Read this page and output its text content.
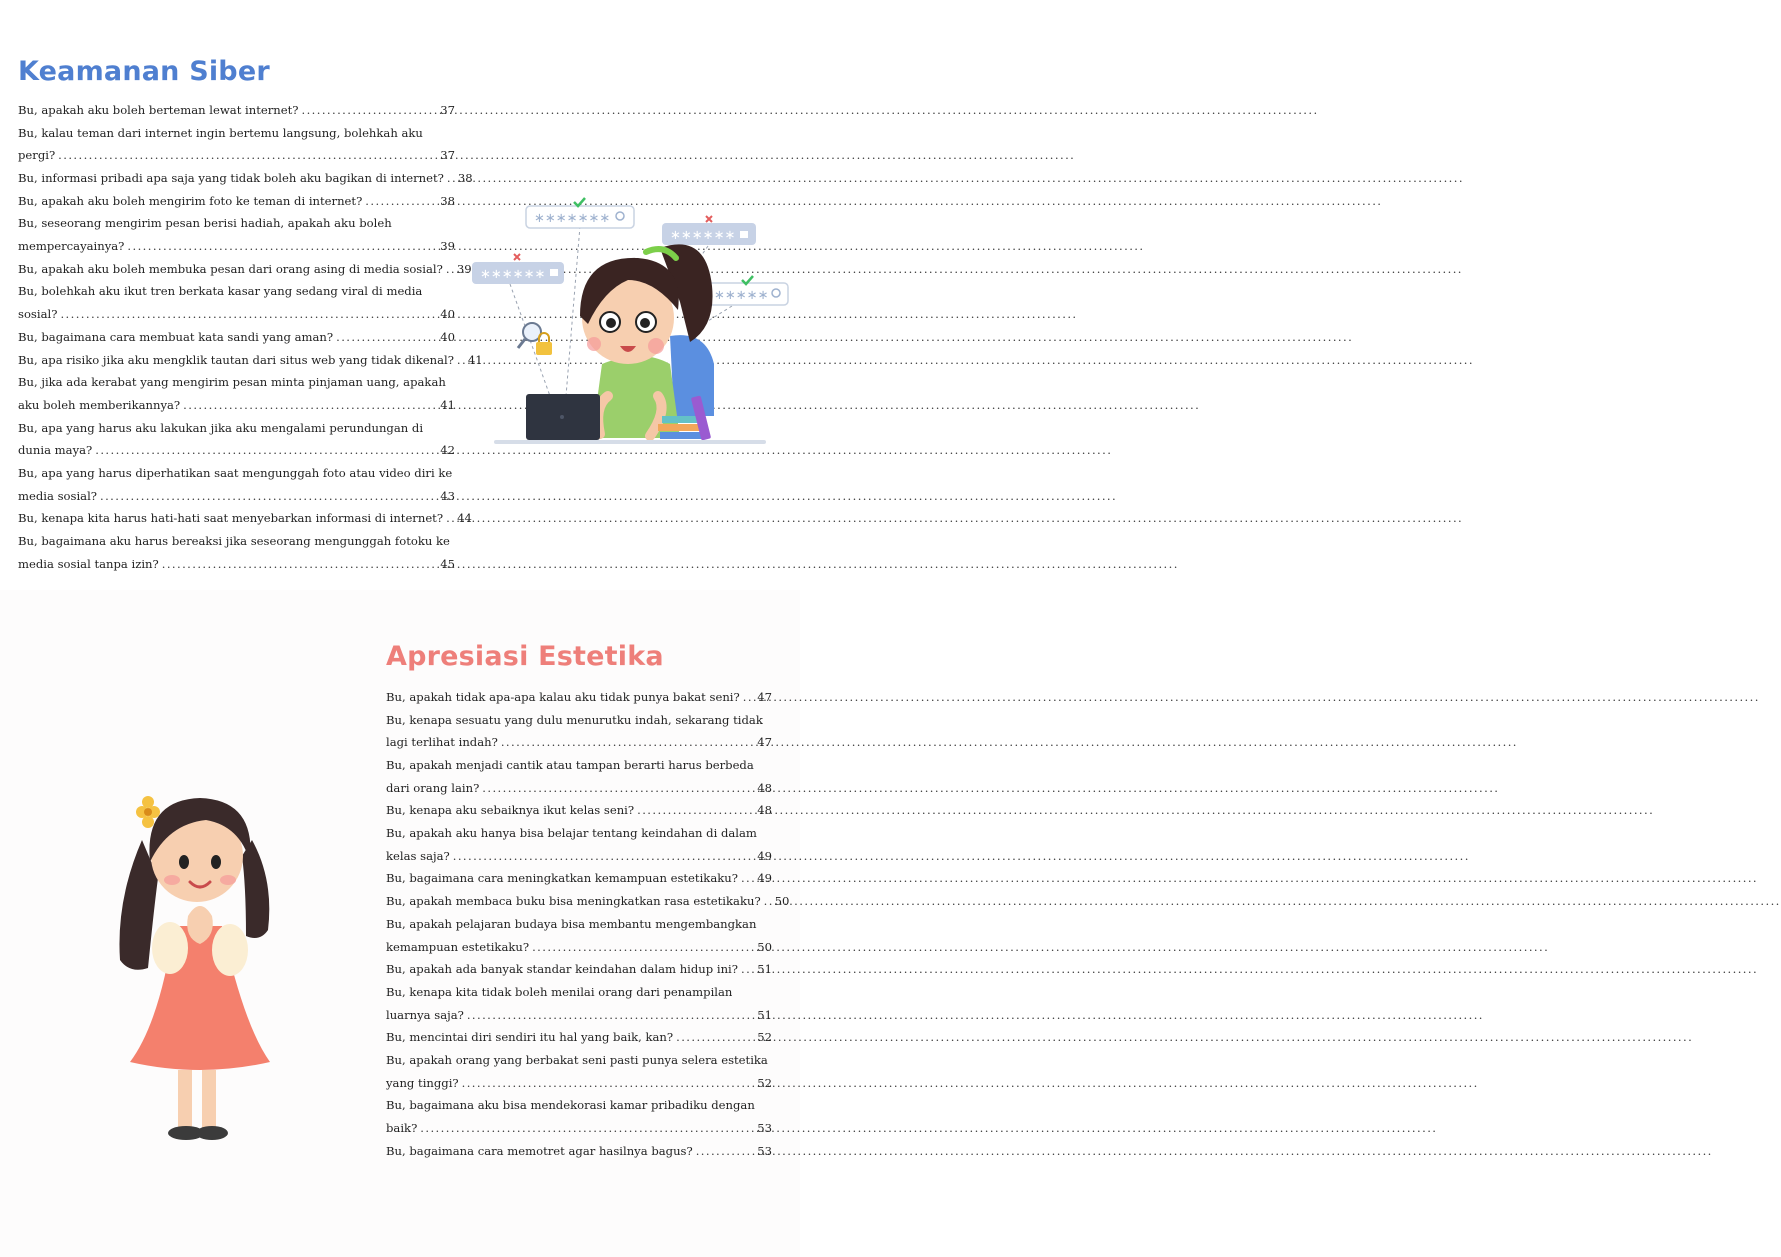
Keamanan Siber
Bu, apakah aku boleh berteman lewat internet? .....	37
Bu, kalau teman dari internet ingin bertemu langsung, bolehkah aku
pergi? .....	37
Bu, informasi pribadi apa saja yang tidak boleh aku bagikan di internet? ..... 38
Bu, apakah aku boleh mengirim foto ke teman di internet? .....	38
Bu, seseorang mengirim pesan berisi hadiah, apakah aku boleh
mempercayainya? .....	39
Bu, apakah aku boleh membuka pesan dari orang asing di media sosial? ..... 39
Bu, bolehkah aku ikut tren berkata kasar yang sedang viral di media
sosial? .....	40
Bu, bagaimana cara membuat kata sandi yang aman? .....	40
Bu, apa risiko jika aku mengklik tautan dari situs web yang tidak dikenal? ..... 41
Bu, jika ada kerabat yang mengirim pesan minta pinjaman uang, apakah
aku boleh memberikannya? .....	41
Bu, apa yang harus aku lakukan jika aku mengalami perundungan di
dunia maya? .....	42
Bu, apa yang harus diperhatikan saat mengunggah foto atau video diri ke
media sosial? .....	43
Bu, kenapa kita harus hati-hati saat menyebarkan informasi di internet? ..... 44
Bu, bagaimana aku harus bereaksi jika seseorang mengunggah fotoku ke
media sosial tanpa izin? .....	45
∗∗∗∗∗∗∗
∗∗∗∗∗∗
∗∗∗∗∗∗
∗∗∗∗∗
Apresiasi Estetika
Bu, apakah tidak apa-apa kalau aku tidak punya bakat seni? ..... 47
Bu, kenapa sesuatu yang dulu menurutku indah, sekarang tidak
lagi terlihat indah? .....	47
Bu, apakah menjadi cantik atau tampan berarti harus berbeda
dari orang lain? .....	48
Bu, kenapa aku sebaiknya ikut kelas seni? .....	48
Bu, apakah aku hanya bisa belajar tentang keindahan di dalam
kelas saja? .....	49
Bu, bagaimana cara meningkatkan kemampuan estetikaku? ..... 49
Bu, apakah membaca buku bisa meningkatkan rasa estetikaku? ..... 50
Bu, apakah pelajaran budaya bisa membantu mengembangkan
kemampuan estetikaku? .....	50
Bu, apakah ada banyak standar keindahan dalam hidup ini? ..... 51
Bu, kenapa kita tidak boleh menilai orang dari penampilan
luarnya saja? .....	51
Bu, mencintai diri sendiri itu hal yang baik, kan? .....	52
Bu, apakah orang yang berbakat seni pasti punya selera estetika
yang tinggi? .....	52
Bu, bagaimana aku bisa mendekorasi kamar pribadiku dengan
baik? .....	53
Bu, bagaimana cara memotret agar hasilnya bagus? .....	53
